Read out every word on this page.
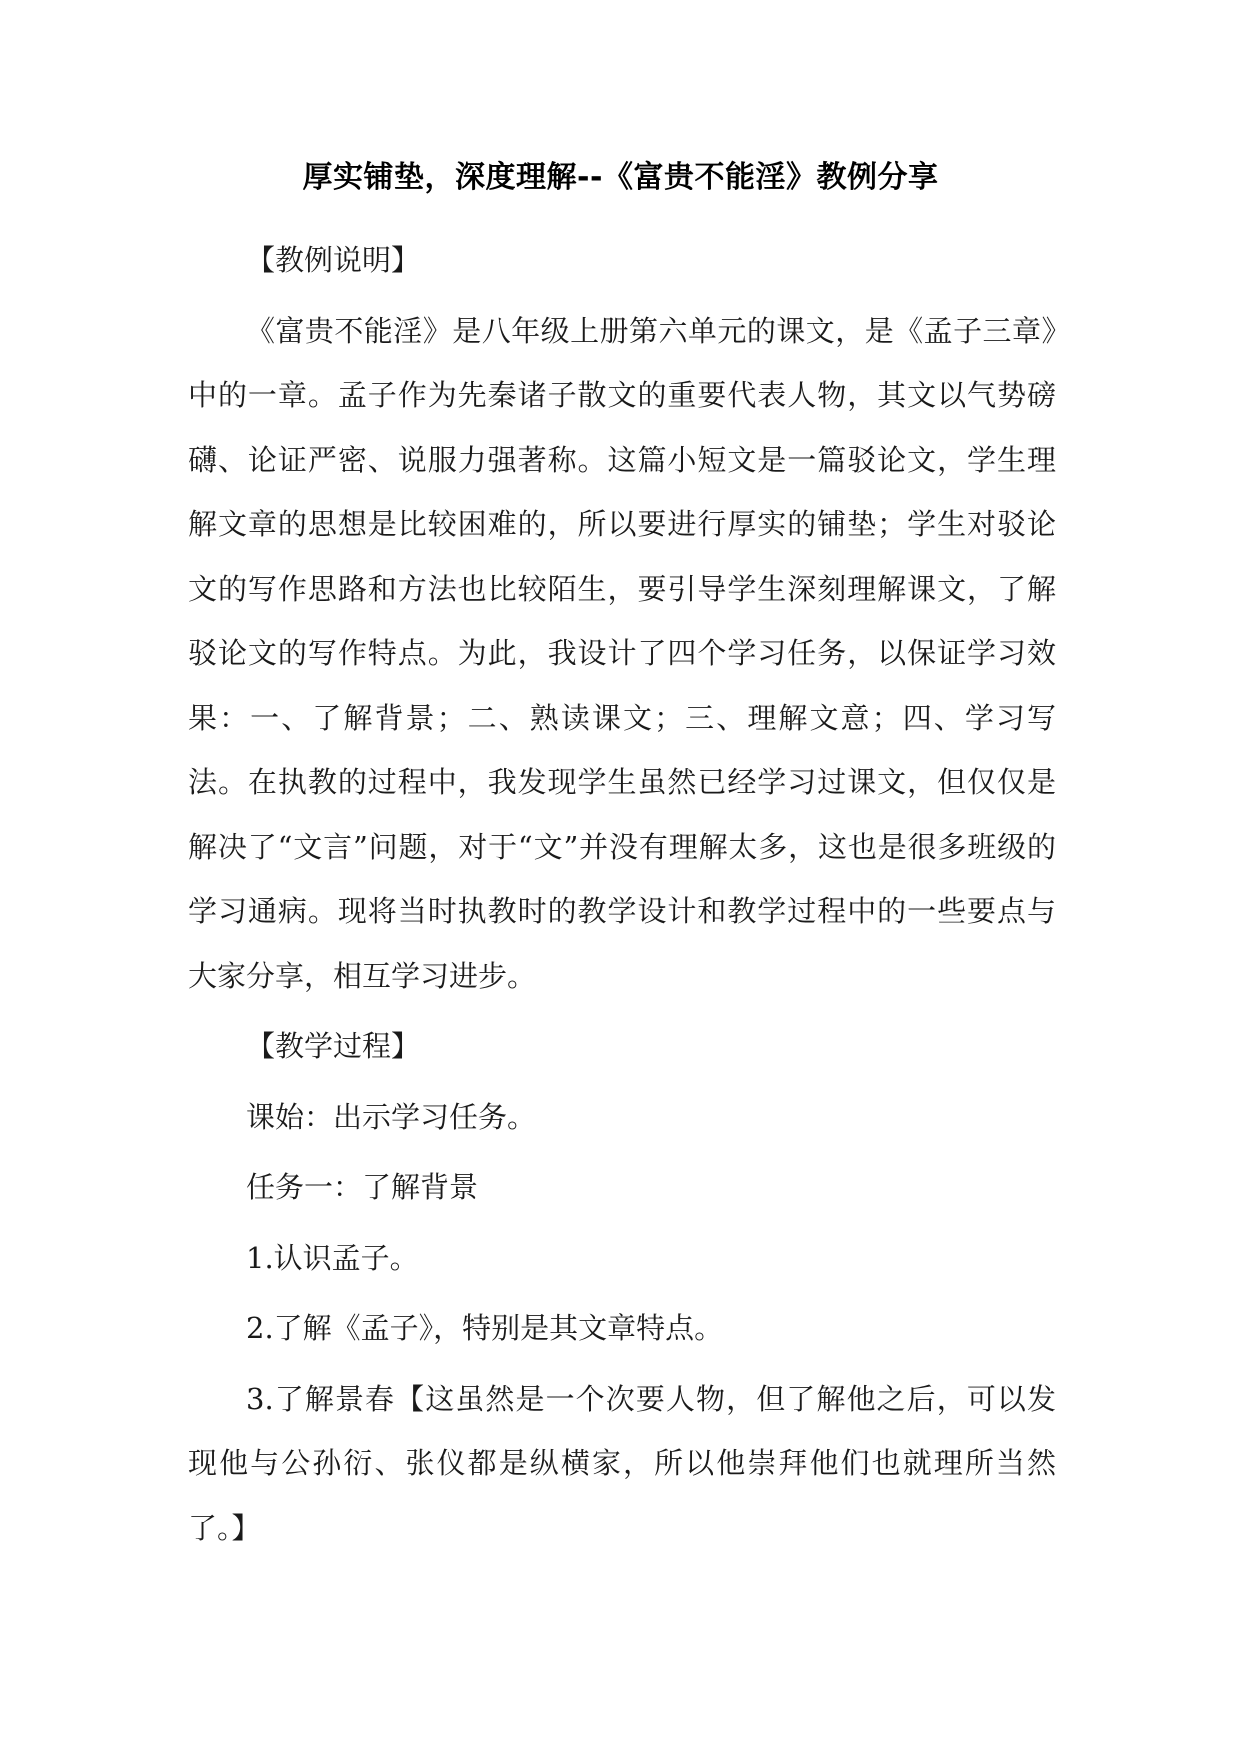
厚实铺垫，深度理解--《富贵不能淫》教例分享

【教例说明】

《富贵不能淫》是八年级上册第六单元的课文，是《孟子三章》中的一章。孟子作为先秦诸子散文的重要代表人物，其文以气势磅礴、论证严密、说服力强著称。这篇小短文是一篇驳论文，学生理解文章的思想是比较困难的，所以要进行厚实的铺垫；学生对驳论文的写作思路和方法也比较陌生，要引导学生深刻理解课文，了解驳论文的写作特点。为此，我设计了四个学习任务，以保证学习效果：一、了解背景；二、熟读课文；三、理解文意；四、学习写法。在执教的过程中，我发现学生虽然已经学习过课文，但仅仅是解决了“文言”问题，对于“文”并没有理解太多，这也是很多班级的学习通病。现将当时执教时的教学设计和教学过程中的一些要点与大家分享，相互学习进步。

【教学过程】

课始：出示学习任务。

任务一：了解背景

1.认识孟子。

2.了解《孟子》，特别是其文章特点。

3.了解景春【这虽然是一个次要人物，但了解他之后，可以发现他与公孙衍、张仪都是纵横家，所以他崇拜他们也就理所当然了。】
